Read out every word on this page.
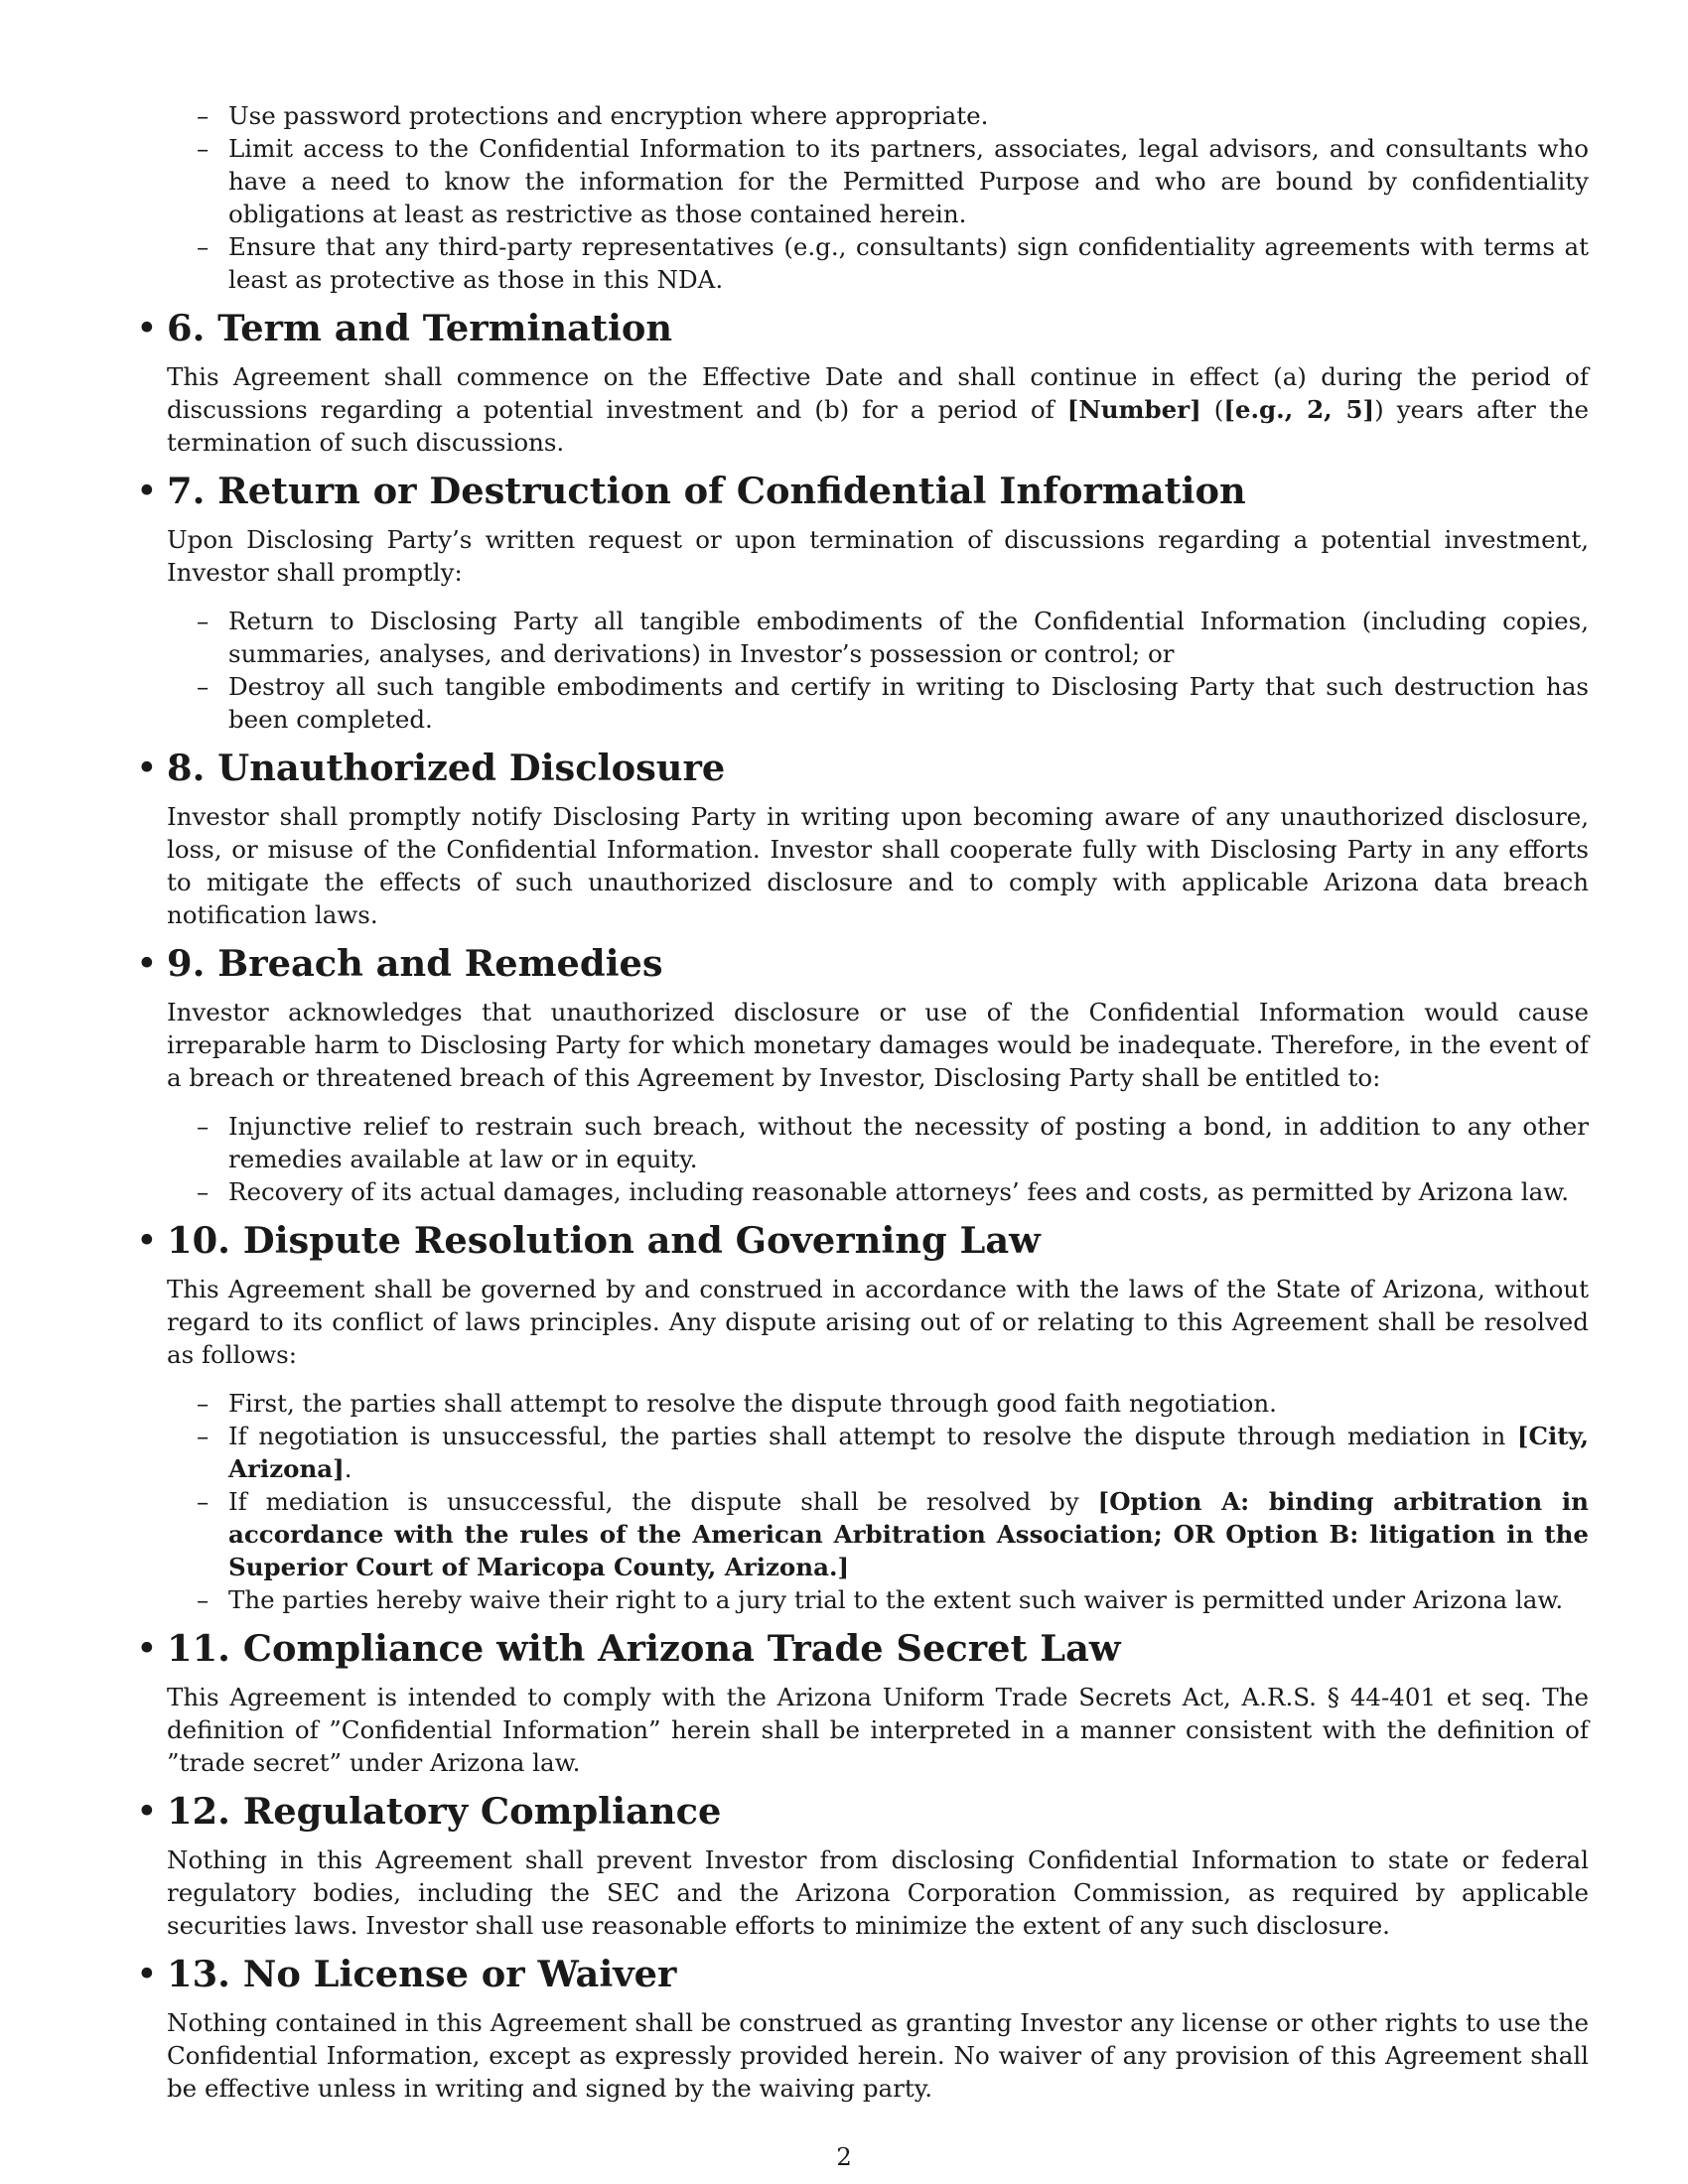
– Use password protections and encryption where appropriate.
– Limit access to the Confidential Information to its partners, associates, legal advisors, and consultants who have a need to know the information for the Permitted Purpose and who are bound by confidentiality obligations at least as restrictive as those contained herein.
– Ensure that any third-party representatives (e.g., consultants) sign confidentiality agreements with terms at least as protective as those in this NDA.
• 6. Term and Termination

This Agreement shall commence on the Effective Date and shall continue in effect (a) during the period of discussions regarding a potential investment and (b) for a period of [Number] ([e.g., 2, 5]) years after the termination of such discussions.

• 7. Return or Destruction of Confidential Information

Upon Disclosing Party’s written request or upon termination of discussions regarding a potential investment, Investor shall promptly:

– Return to Disclosing Party all tangible embodiments of the Confidential Information (including copies, summaries, analyses, and derivations) in Investor’s possession or control; or
– Destroy all such tangible embodiments and certify in writing to Disclosing Party that such destruction has been completed.
• 8. Unauthorized Disclosure

Investor shall promptly notify Disclosing Party in writing upon becoming aware of any unauthorized disclosure, loss, or misuse of the Confidential Information. Investor shall cooperate fully with Disclosing Party in any efforts to mitigate the effects of such unauthorized disclosure and to comply with applicable Arizona data breach notification laws.

• 9. Breach and Remedies

Investor acknowledges that unauthorized disclosure or use of the Confidential Information would cause irreparable harm to Disclosing Party for which monetary damages would be inadequate. Therefore, in the event of a breach or threatened breach of this Agreement by Investor, Disclosing Party shall be entitled to:

– Injunctive relief to restrain such breach, without the necessity of posting a bond, in addition to any other remedies available at law or in equity.
– Recovery of its actual damages, including reasonable attorneys’ fees and costs, as permitted by Arizona law.
• 10. Dispute Resolution and Governing Law

This Agreement shall be governed by and construed in accordance with the laws of the State of Arizona, without regard to its conflict of laws principles. Any dispute arising out of or relating to this Agreement shall be resolved as follows:

– First, the parties shall attempt to resolve the dispute through good faith negotiation.
– If negotiation is unsuccessful, the parties shall attempt to resolve the dispute through mediation in [City, Arizona].
– If mediation is unsuccessful, the dispute shall be resolved by [Option A: binding arbitration in accordance with the rules of the American Arbitration Association; OR Option B: litigation in the Superior Court of Maricopa County, Arizona.]
– The parties hereby waive their right to a jury trial to the extent such waiver is permitted under Arizona law.
• 11. Compliance with Arizona Trade Secret Law

This Agreement is intended to comply with the Arizona Uniform Trade Secrets Act, A.R.S. § 44-401 et seq. The definition of ”Confidential Information” herein shall be interpreted in a manner consistent with the definition of ”trade secret” under Arizona law.

• 12. Regulatory Compliance

Nothing in this Agreement shall prevent Investor from disclosing Confidential Information to state or federal regulatory bodies, including the SEC and the Arizona Corporation Commission, as required by applicable securities laws. Investor shall use reasonable efforts to minimize the extent of any such disclosure.

• 13. No License or Waiver

Nothing contained in this Agreement shall be construed as granting Investor any license or other rights to use the Confidential Information, except as expressly provided herein. No waiver of any provision of this Agreement shall be effective unless in writing and signed by the waiving party.

2
